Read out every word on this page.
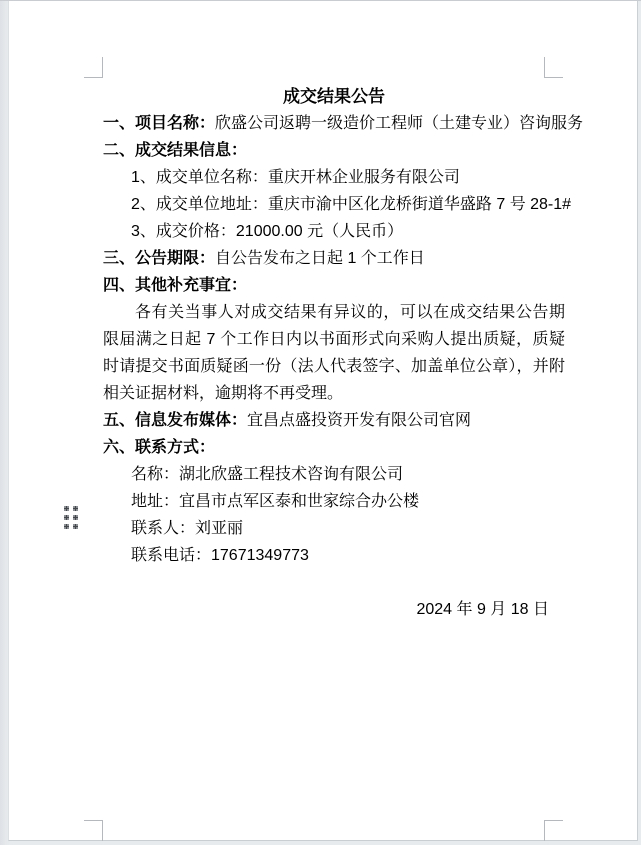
成交结果公告
一、项目名称：欣盛公司返聘一级造价工程师（土建专业）咨询服务
二、成交结果信息：
1、成交单位名称：重庆开林企业服务有限公司
2、成交单位地址：重庆市渝中区化龙桥街道华盛路 7 号 28-1#
3、成交价格：21000.00 元（人民币）
三、公告期限：自公告发布之日起 1 个工作日
四、其他补充事宜：
各有关当事人对成交结果有异议的，可以在成交结果公告期限届满之日起 7 个工作日内以书面形式向采购人提出质疑，质疑时请提交书面质疑函一份（法人代表签字、加盖单位公章），并附相关证据材料，逾期将不再受理。
五、信息发布媒体：宜昌点盛投资开发有限公司官网
六、联系方式：
名称：湖北欣盛工程技术咨询有限公司
地址：宜昌市点军区泰和世家综合办公楼
联系人：刘亚丽
联系电话：17671349773
2024 年 9 月 18 日
